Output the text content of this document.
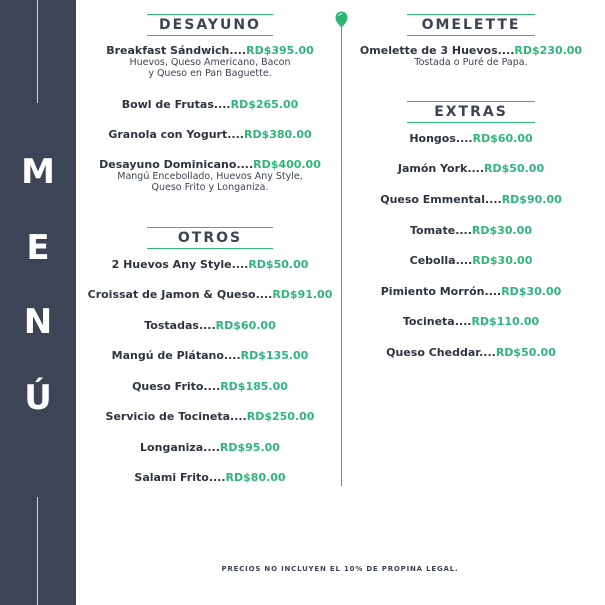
M
E
N
Ú
DESAYUNO
OTROS
OMELETTE
EXTRAS
Breakfast Sándwich....RD$395.00
Huevos, Queso Americano, Bacon
y Queso en Pan Baguette.
Bowl de Frutas....RD$265.00
Granola con Yogurt....RD$380.00
Desayuno Dominicano....RD$400.00
Mangú Encebollado, Huevos Any Style,
Queso Frito y Longaniza.
2 Huevos Any Style....RD$50.00
Croissat de Jamon & Queso....RD$91.00
Tostadas....RD$60.00
Mangú de Plátano....RD$135.00
Queso Frito....RD$185.00
Servicio de Tocineta....RD$250.00
Longaniza....RD$95.00
Salami Frito....RD$80.00
Omelette de 3 Huevos....RD$230.00
Tostada o Puré de Papa.
Hongos....RD$60.00
Jamón York....RD$50.00
Queso Emmental....RD$90.00
Tomate....RD$30.00
Cebolla....RD$30.00
Pimiento Morrón....RD$30.00
Tocineta....RD$110.00
Queso Cheddar....RD$50.00
PRECIOS NO INCLUYEN EL 10% DE PROPINA LEGAL.
